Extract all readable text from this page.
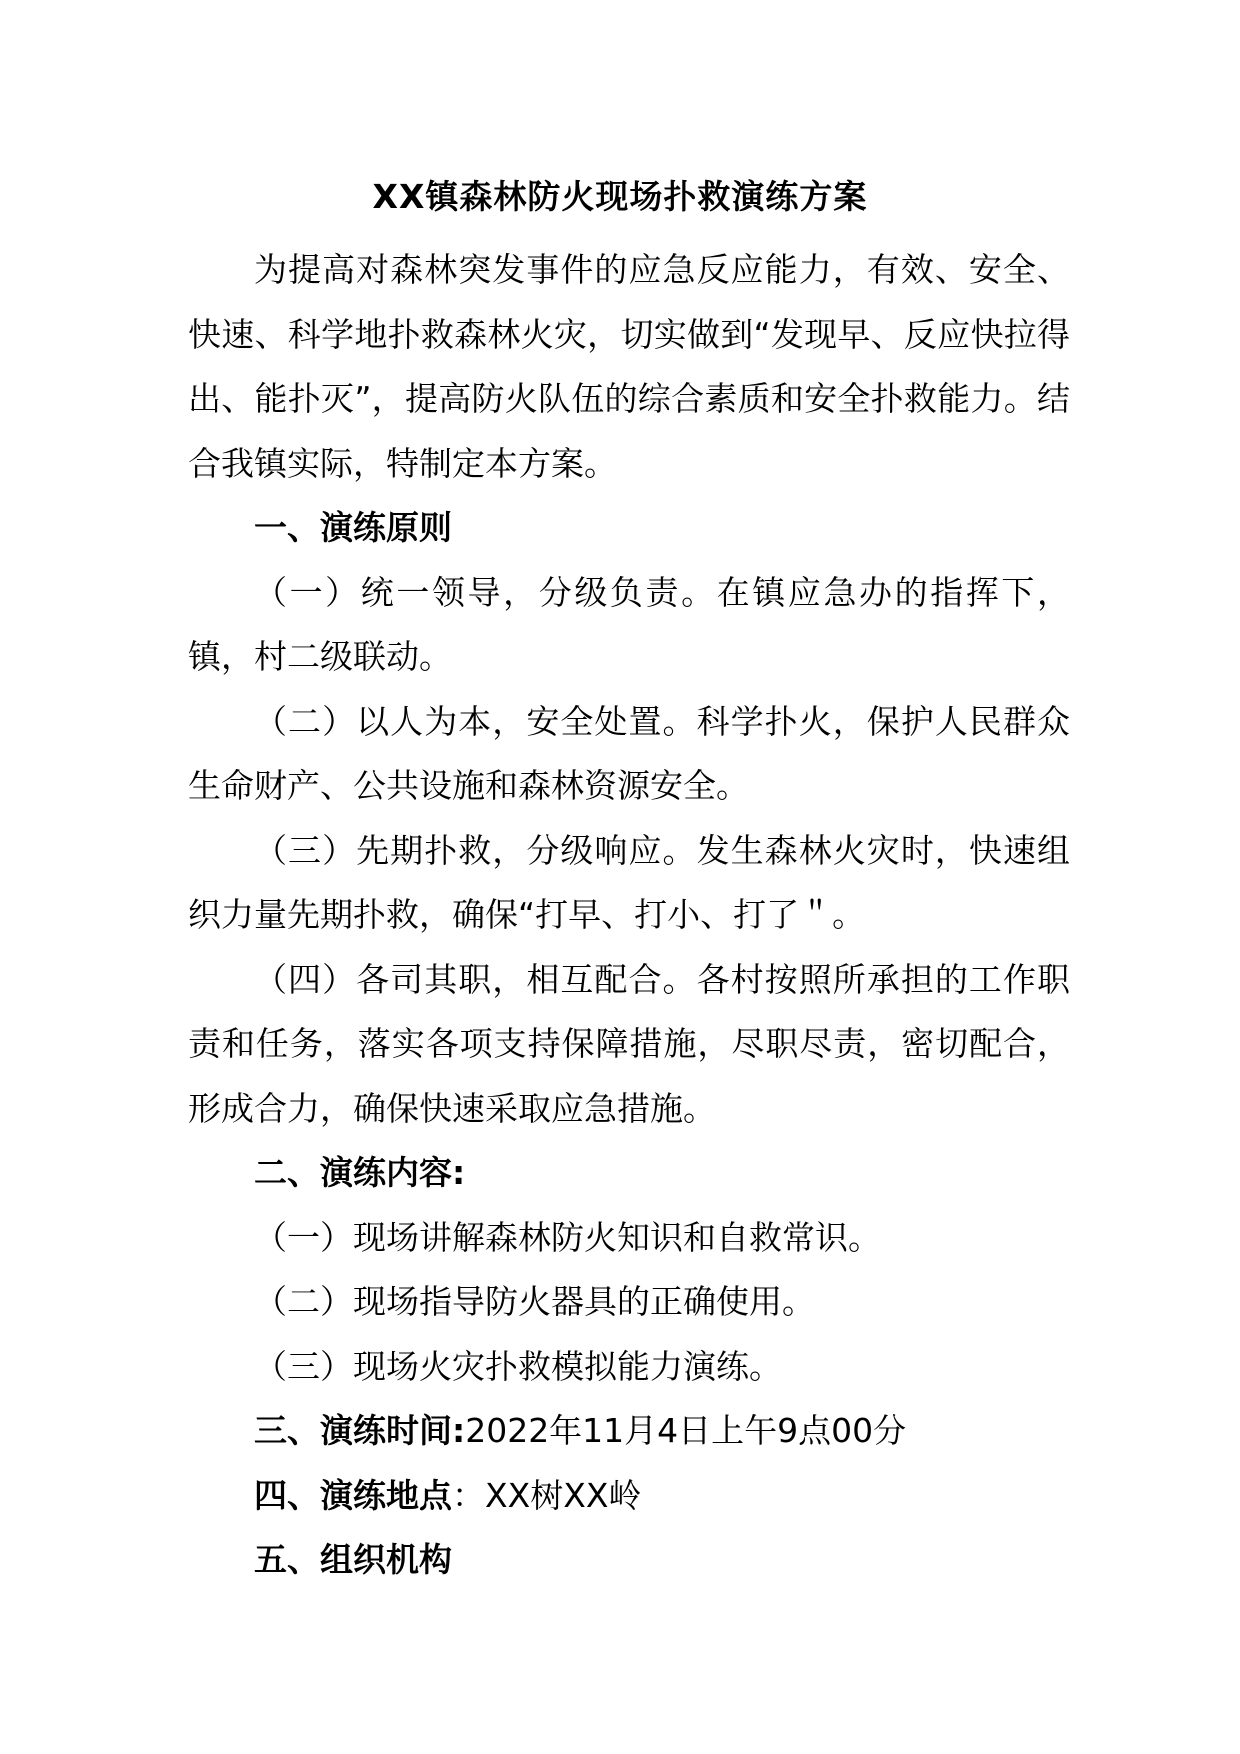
XX镇森林防火现场扑救演练方案

为提高对森林突发事件的应急反应能力，有效、安全、快速、科学地扑救森林火灾，切实做到“发现早、反应快拉得出、能扑灭”，提高防火队伍的综合素质和安全扑救能力。结合我镇实际，特制定本方案。

一、演练原则

（一）统一领导，分级负责。在镇应急办的指挥下，镇，村二级联动。

（二）以人为本，安全处置。科学扑火，保护人民群众生命财产、公共设施和森林资源安全。

（三）先期扑救，分级响应。发生森林火灾时，快速组织力量先期扑救，确保“打早、打小、打了＂。

（四）各司其职，相互配合。各村按照所承担的工作职责和任务，落实各项支持保障措施，尽职尽责，密切配合，形成合力，确保快速采取应急措施。

二、演练内容:

（一）现场讲解森林防火知识和自救常识。

（二）现场指导防火器具的正确使用。

（三）现场火灾扑救模拟能力演练。

三、演练时间:2022年11月4日上午9点00分

四、演练地点：XX树XX岭

五、组织机构
